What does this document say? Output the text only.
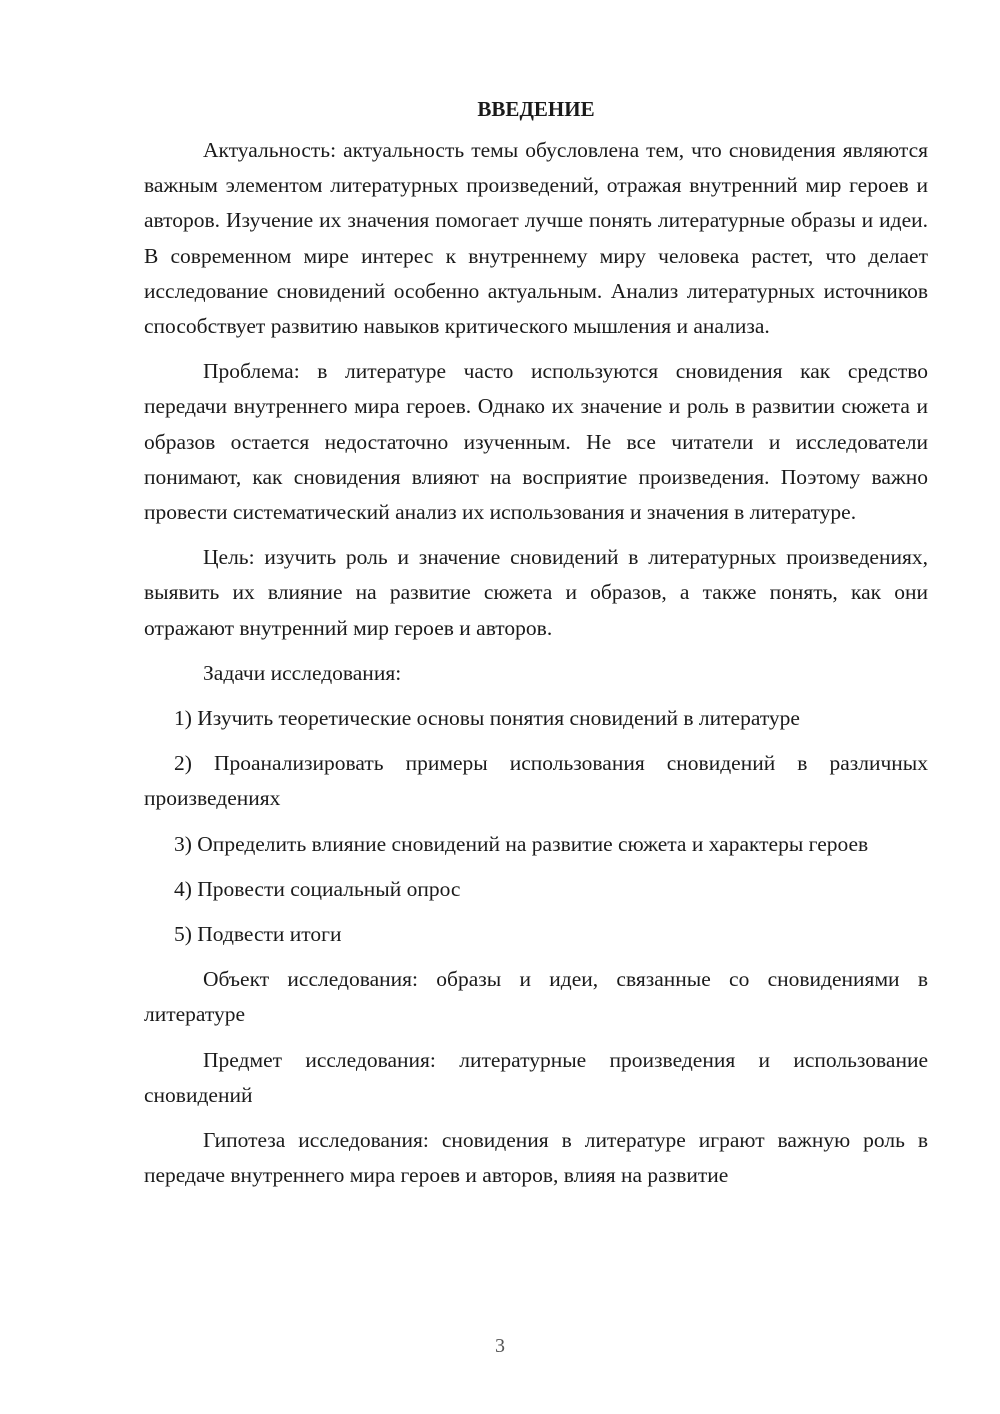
ВВЕДЕНИЕ

Актуальность: актуальность темы обусловлена тем, что сновидения являются важным элементом литературных произведений, отражая внутренний мир героев и авторов. Изучение их значения помогает лучше понять литературные образы и идеи. В современном мире интерес к внутреннему миру человека растет, что делает исследование сновидений особенно актуальным. Анализ литературных источников способствует развитию навыков критического мышления и анализа.

Проблема: в литературе часто используются сновидения как средство передачи внутреннего мира героев. Однако их значение и роль в развитии сюжета и образов остается недостаточно изученным. Не все читатели и исследователи понимают, как сновидения влияют на восприятие произведения. Поэтому важно провести систематический анализ их использования и значения в литературе.

Цель: изучить роль и значение сновидений в литературных произведениях, выявить их влияние на развитие сюжета и образов, а также понять, как они отражают внутренний мир героев и авторов.

Задачи исследования:

1) Изучить теоретические основы понятия сновидений в литературе

2) Проанализировать примеры использования сновидений в различных произведениях

3) Определить влияние сновидений на развитие сюжета и характеры героев

4) Провести социальный опрос

5) Подвести итоги

Объект исследования: образы и идеи, связанные со сновидениями в литературе

Предмет исследования: литературные произведения и использование сновидений

Гипотеза исследования: сновидения в литературе играют важную роль в передаче внутреннего мира героев и авторов, влияя на развитие

3
